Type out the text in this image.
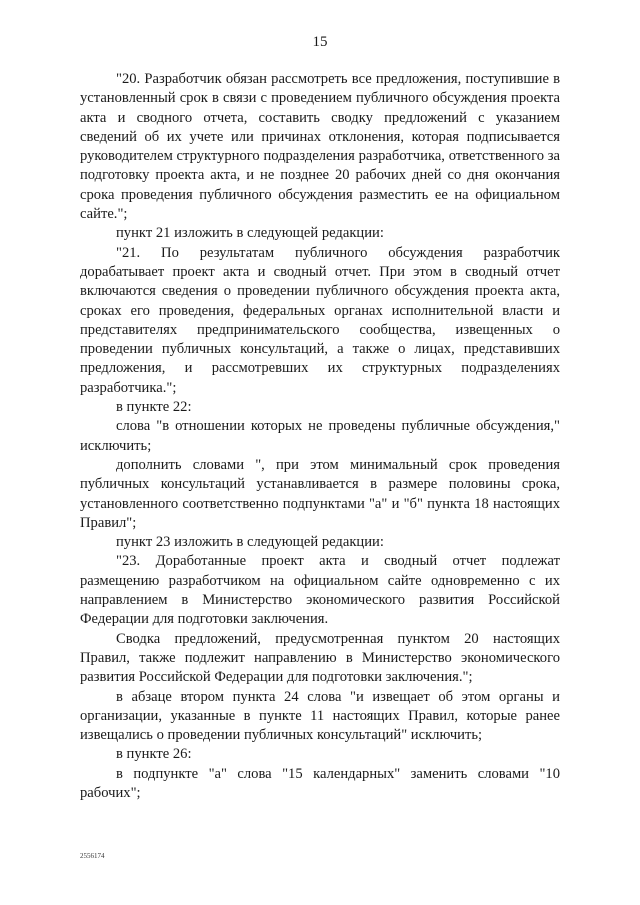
15

"20. Разработчик обязан рассмотреть все предложения, поступившие в установленный срок в связи с проведением публичного обсуждения проекта акта и сводного отчета, составить сводку предложений с указанием сведений об их учете или причинах отклонения, которая подписывается руководителем структурного подразделения разработчика, ответственного за подготовку проекта акта, и не позднее 20 рабочих дней со дня окончания срока проведения публичного обсуждения разместить ее на официальном сайте.";

пункт 21 изложить в следующей редакции:

"21. По результатам публичного обсуждения разработчик дорабатывает проект акта и сводный отчет. При этом в сводный отчет включаются сведения о проведении публичного обсуждения проекта акта, сроках его проведения, федеральных органах исполнительной власти и представителях предпринимательского сообщества, извещенных о проведении публичных консультаций, а также о лицах, представивших предложения, и рассмотревших их структурных подразделениях разработчика.";

в пункте 22:

слова "в отношении которых не проведены публичные обсуждения," исключить;

дополнить словами ", при этом минимальный срок проведения публичных консультаций устанавливается в размере половины срока, установленного соответственно подпунктами "а" и "б" пункта 18 настоящих Правил";

пункт 23 изложить в следующей редакции:

"23. Доработанные проект акта и сводный отчет подлежат размещению разработчиком на официальном сайте одновременно с их направлением в Министерство экономического развития Российской Федерации для подготовки заключения.

Сводка предложений, предусмотренная пунктом 20 настоящих Правил, также подлежит направлению в Министерство экономического развития Российской Федерации для подготовки заключения.";

в абзаце втором пункта 24 слова "и извещает об этом органы и организации, указанные в пункте 11 настоящих Правил, которые ранее извещались о проведении публичных консультаций" исключить;

в пункте 26:

в подпункте "а" слова "15 календарных" заменить словами "10 рабочих";

2556174
